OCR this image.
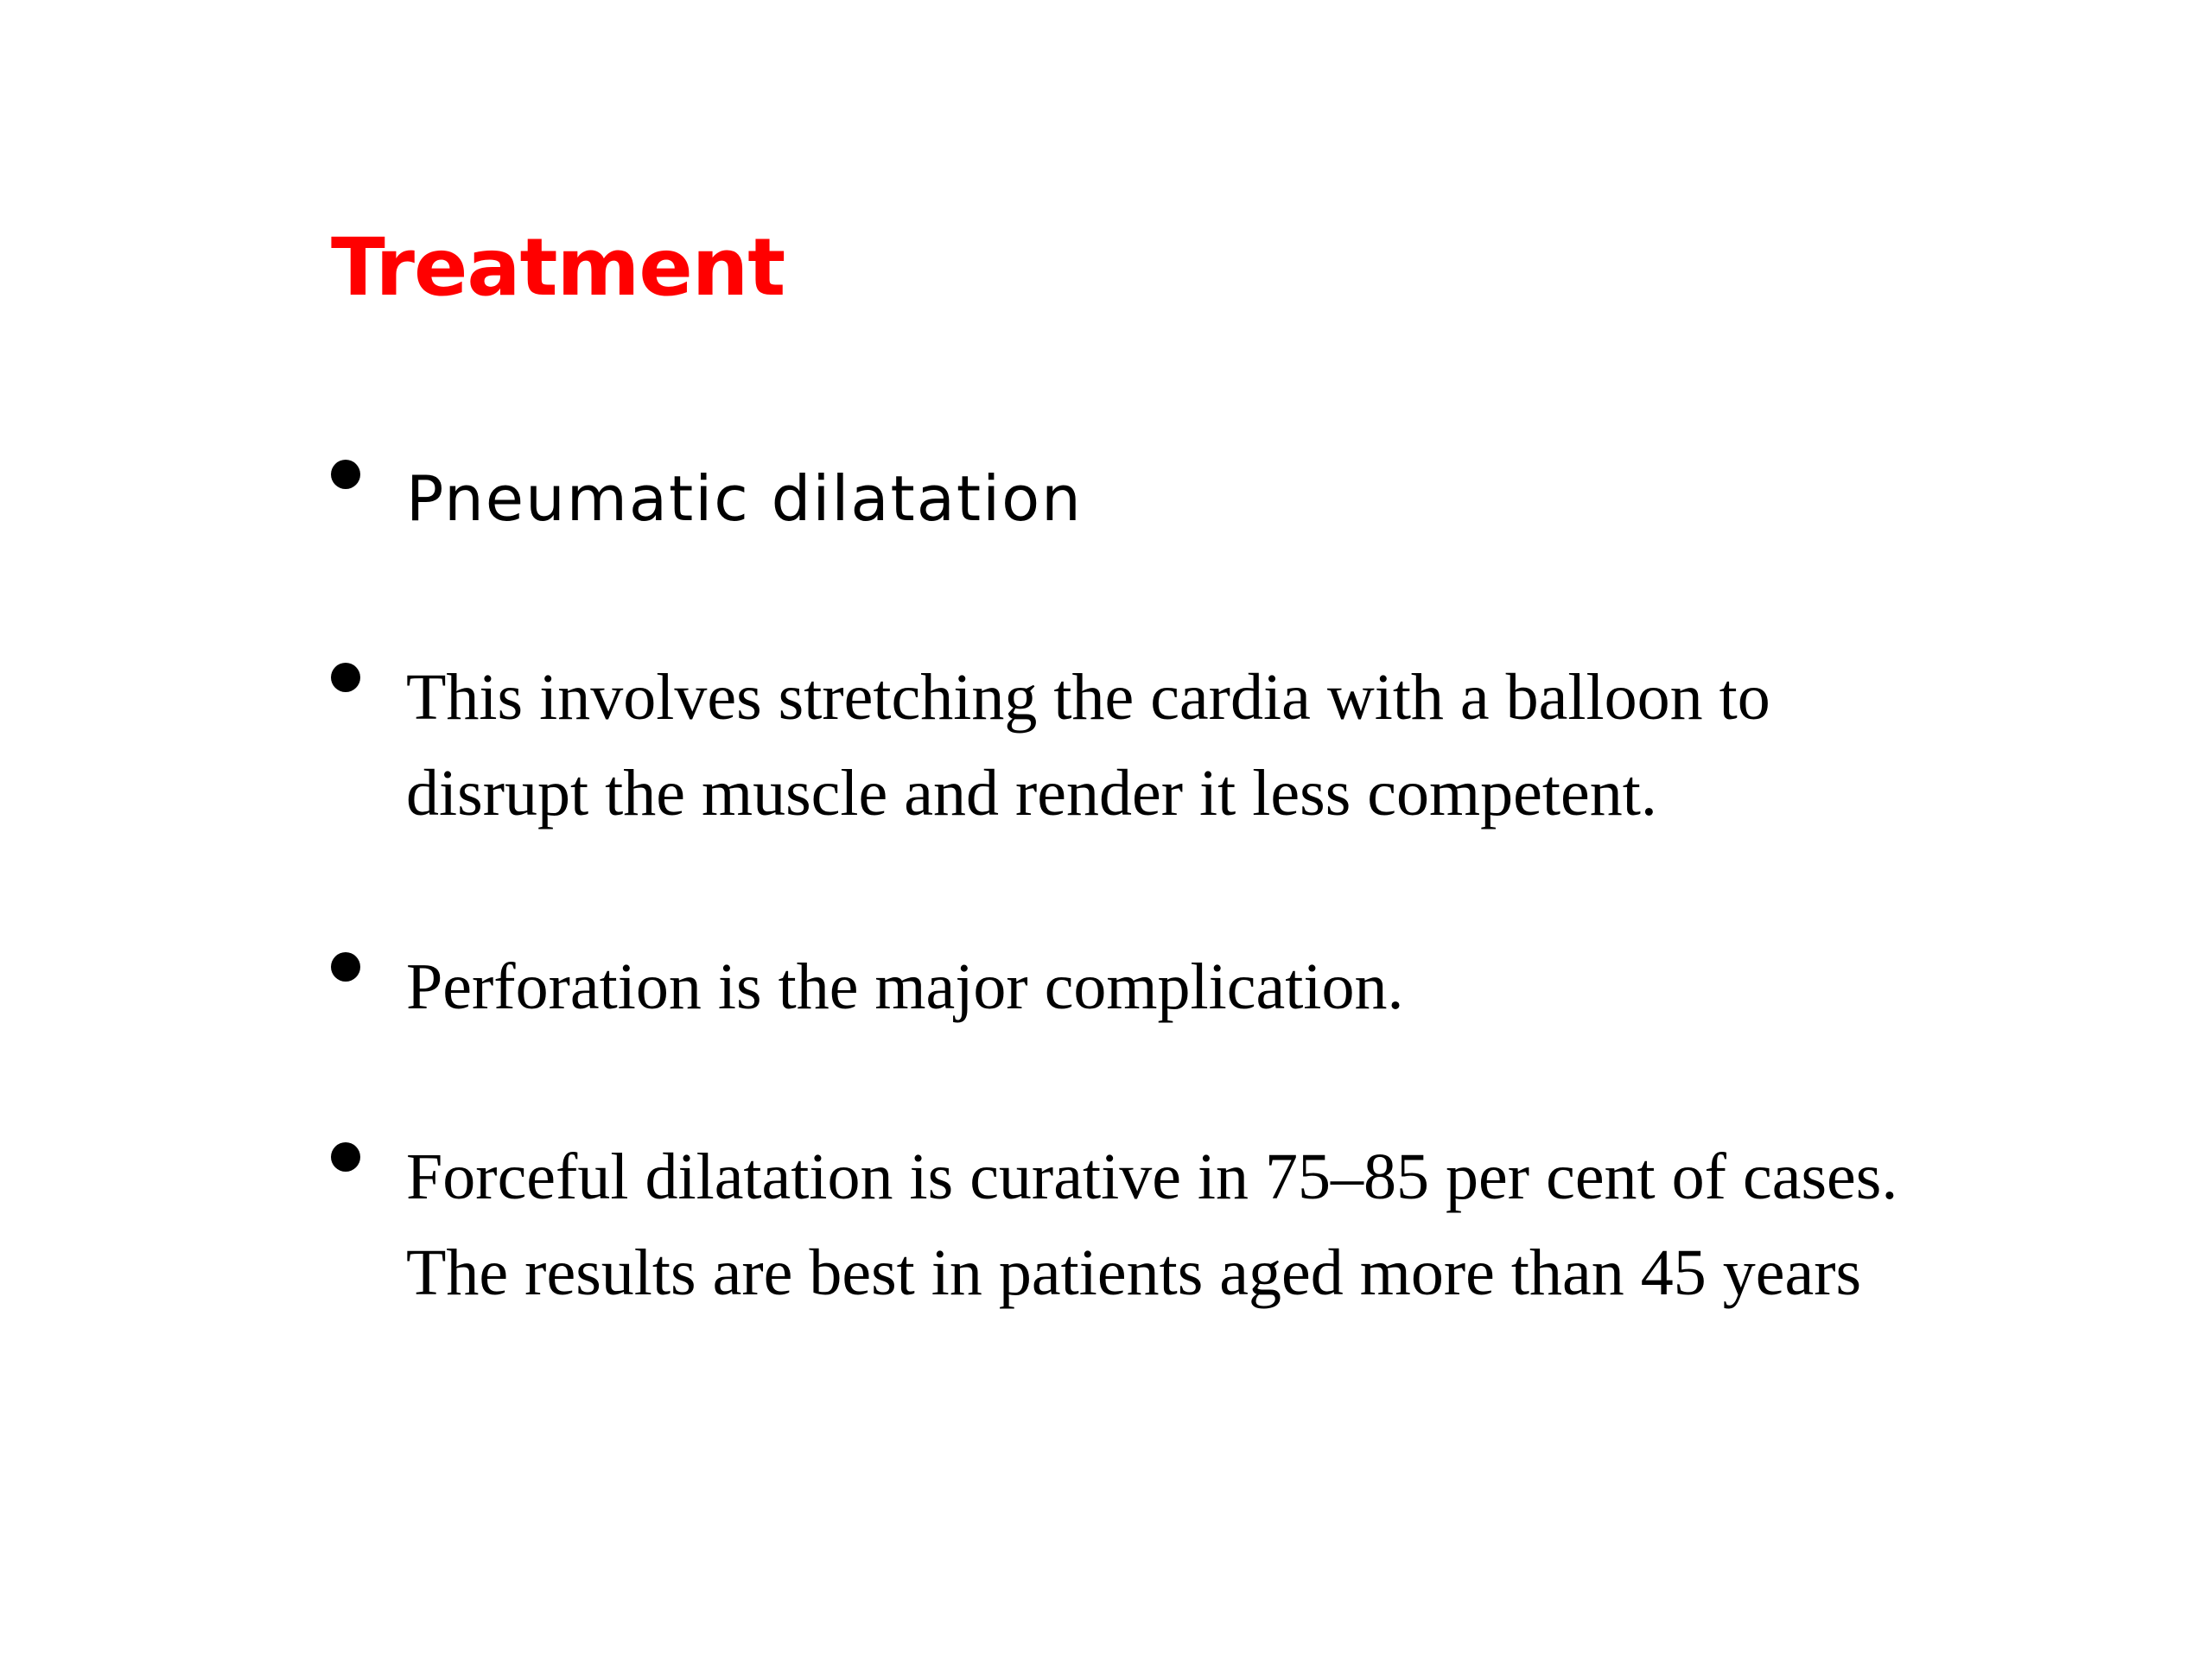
Treatment
Pneumatic dilatation
This involves stretching the cardia with a balloon to
disrupt the muscle and render it less competent.
Perforation is the major complication.
Forceful dilatation is curative in 75–85 per cent of cases.
The results are best in patients aged more than 45 years
